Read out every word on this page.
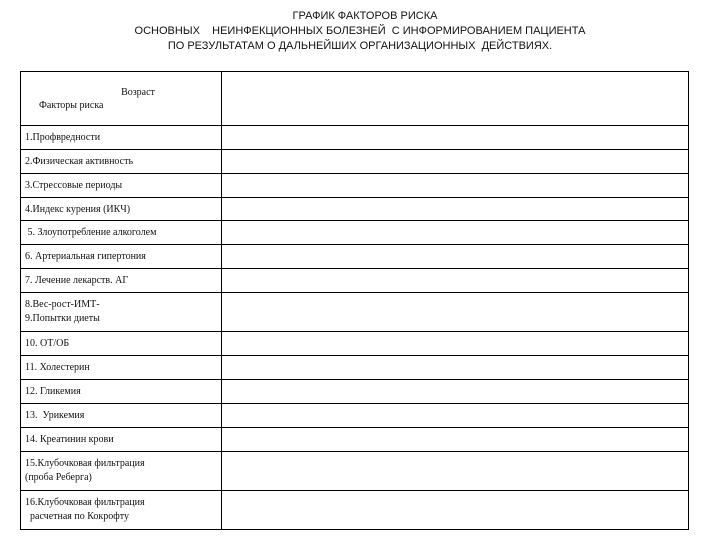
ГРАФИК ФАКТОРОВ РИСКА
ОСНОВНЫХ    НЕИНФЕКЦИОННЫХ БОЛЕЗНЕЙ  С ИНФОРМИРОВАНИЕМ ПАЦИЕНТА
ПО РЕЗУЛЬТАТАМ О ДАЛЬНЕЙШИХ ОРГАНИЗАЦИОННЫХ  ДЕЙСТВИЯХ.
Возраст
Факторы риска	

1.Профвредности	
2.Физическая активность	
3.Стрессовые периоды	
4.Индекс курения (ИКЧ)	
5. Злоупотребление алкоголем	
6. Артериальная гипертония	
7. Лечение лекарств. АГ	

8.Вес-рост-ИМТ-
9.Попытки диеты	

10. ОТ/ОБ	
11. Холестерин	
12. Гликемия	
13.  Урикемия	
14. Креатинин крови	

15.Клубочковая фильтрация
(проба Реберга)	

16.Клубочковая фильтрация
расчетная по Кокрофту	
